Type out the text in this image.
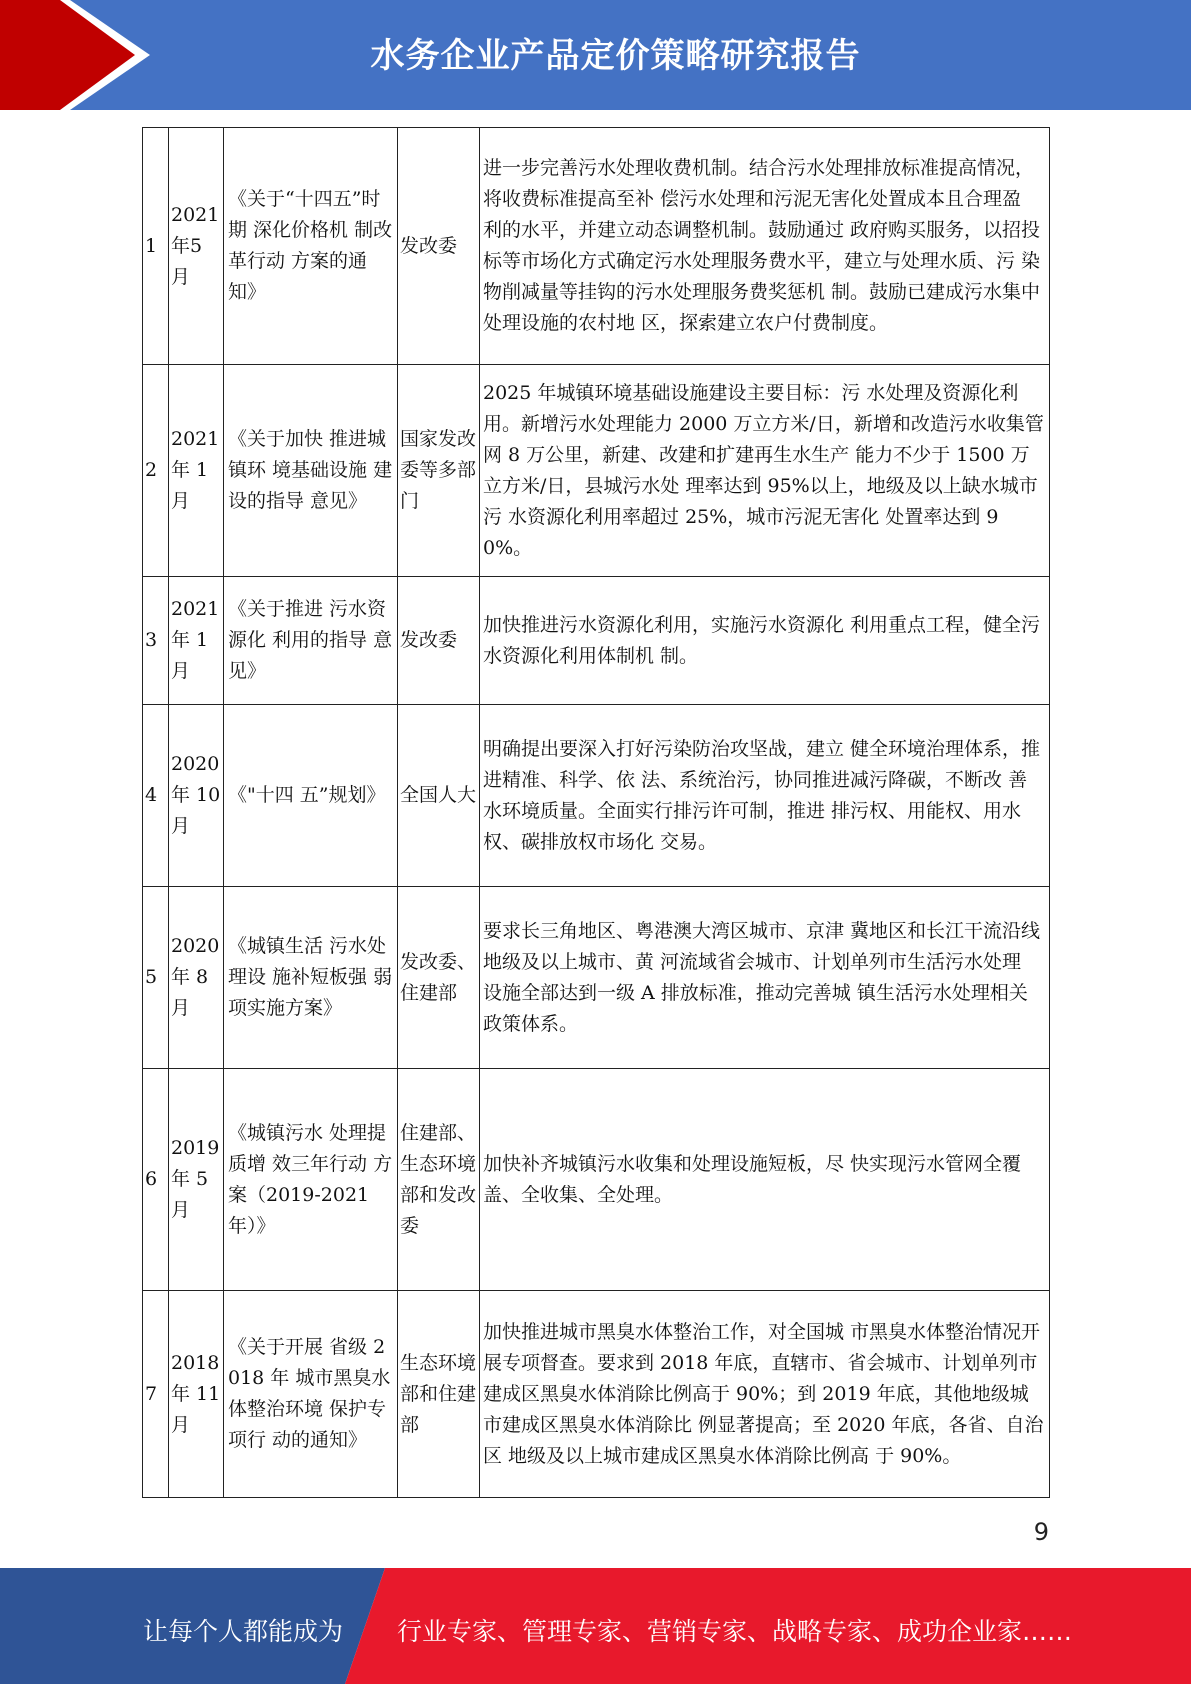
水务企业产品定价策略研究报告
1	2021年5月	《关于“十四五”时期 深化价格机 制改革行动 方案的通 知》	发改委	进一步完善污水处理收费机制。结合污水处理排放标准提高情况，将收费标准提高至补 偿污水处理和污泥无害化处置成本且合理盈 利的水平，并建立动态调整机制。鼓励通过 政府购买服务，以招投标等市场化方式确定污水处理服务费水平，建立与处理水质、污 染物削减量等挂钩的污水处理服务费奖惩机 制。鼓励已建成污水集中处理设施的农村地 区，探索建立农户付费制度。
2	2021年 1月	《关于加快 推进城镇环 境基础设施 建设的指导 意见》	国家发改 委等多部 门	2025 年城镇环境基础设施建设主要目标：污 水处理及资源化利用。新增污水处理能力 2000 万立方米/日，新增和改造污水收集管 网 8 万公里，新建、改建和扩建再生水生产 能力不少于 1500 万立方米/日，县城污水处 理率达到 95%以上，地级及以上缺水城市污 水资源化利用率超过 25%，城市污泥无害化 处置率达到 90%。
3	2021年 1月	《关于推进 污水资源化 利用的指导 意见》	发改委	加快推进污水资源化利用，实施污水资源化 利用重点工程，健全污水资源化利用体制机 制。
4	2020年 10月	《"十四 五”规划》	全国人大	明确提出要深入打好污染防治攻坚战，建立 健全环境治理体系，推进精准、科学、依 法、系统治污，协同推进减污降碳，不断改 善水环境质量。全面实行排污许可制，推进 排污权、用能权、用水权、碳排放权市场化 交易。
5	2020年 8月	《城镇生活 污水处理设 施补短板强 弱项实施方案》	发改委、 住建部	要求长三角地区、粤港澳大湾区城市、京津 冀地区和长江干流沿线地级及以上城市、黄 河流域省会城市、计划单列市生活污水处理 设施全部达到一级 A 排放标准，推动完善城 镇生活污水处理相关政策体系。
6	2019年 5月	《城镇污水 处理提质增 效三年行动 方案（2019-2021 年）》	住建部、 生态环境部和发改 委	加快补齐城镇污水收集和处理设施短板，尽 快实现污水管网全覆盖、全收集、全处理。
7	2018年 11月	《关于开展 省级 2018 年 城市黑臭水 体整治环境 保护专项行 动的通知》	生态环境 部和住建 部	加快推进城市黑臭水体整治工作，对全国城 市黑臭水体整治情况开展专项督查。要求到 2018 年底，直辖市、省会城市、计划单列市 建成区黑臭水体消除比例高于 90%；到 2019 年底，其他地级城市建成区黑臭水体消除比 例显著提高；至 2020 年底，各省、自治区 地级及以上城市建成区黑臭水体消除比例高 于 90%。
9
让每个人都能成为 行业专家、管理专家、营销专家、战略专家、成功企业家……
